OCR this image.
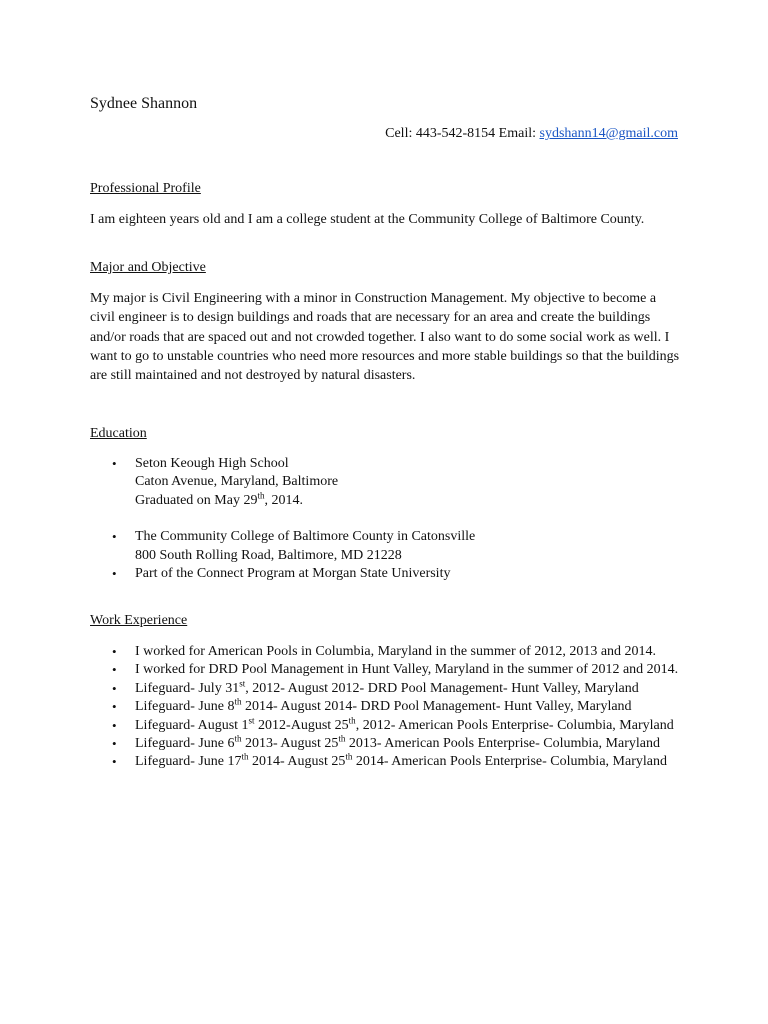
Sydnee Shannon
Cell: 443-542-8154 Email: sydshann14@gmail.com
Professional Profile
I am eighteen years old and I am a college student at the Community College of Baltimore County.
Major and Objective
My major is Civil Engineering with a minor in Construction Management. My objective to become a civil engineer is to design buildings and roads that are necessary for an area and create the buildings and/or roads that are spaced out and not crowded together. I also want to do some social work as well. I want to go to unstable countries who need more resources and more stable buildings so that the buildings are still maintained and not destroyed by natural disasters.
Education
• Seton Keough High School
Caton Avenue, Maryland, Baltimore
Graduated on May 29th, 2014.
• The Community College of Baltimore County in Catonsville
800 South Rolling Road, Baltimore, MD 21228
• Part of the Connect Program at Morgan State University
Work Experience
• I worked for American Pools in Columbia, Maryland in the summer of 2012, 2013 and 2014.
• I worked for DRD Pool Management in Hunt Valley, Maryland in the summer of 2012 and 2014.
• Lifeguard- July 31st, 2012- August 2012- DRD Pool Management- Hunt Valley, Maryland
• Lifeguard- June 8th 2014- August 2014- DRD Pool Management- Hunt Valley, Maryland
• Lifeguard- August 1st 2012-August 25th, 2012- American Pools Enterprise- Columbia, Maryland
• Lifeguard- June 6th 2013- August 25th 2013- American Pools Enterprise- Columbia, Maryland
• Lifeguard- June 17th 2014- August 25th 2014- American Pools Enterprise- Columbia, Maryland
